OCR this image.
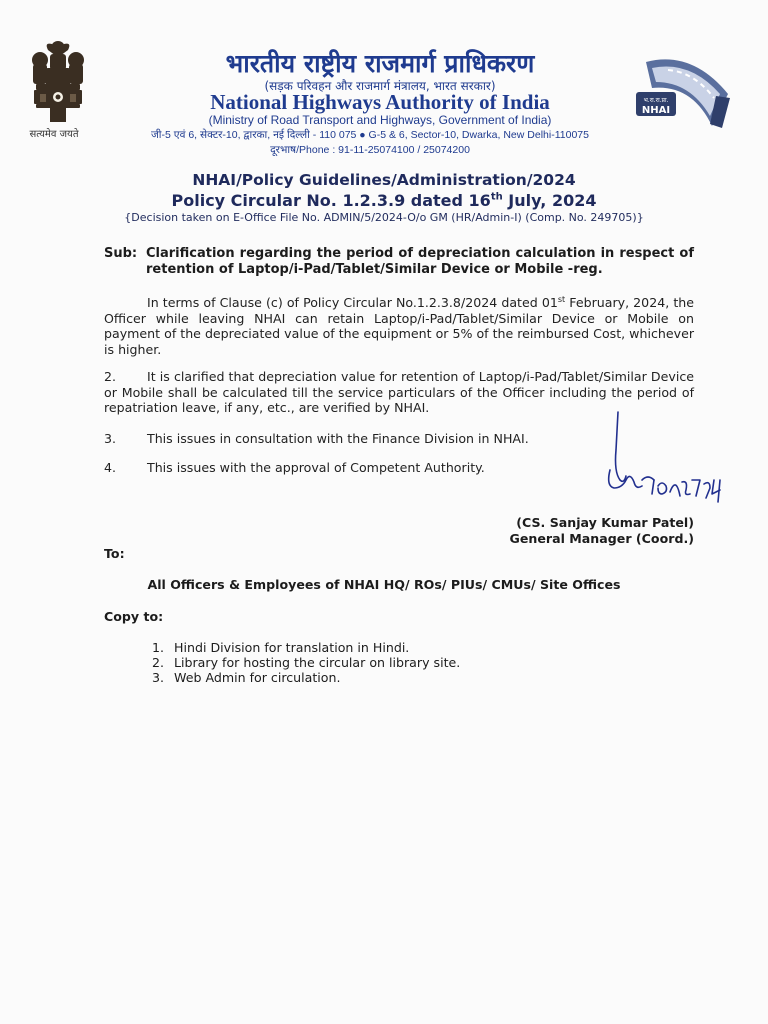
सत्यमेव जयते
भारतीय राष्ट्रीय राजमार्ग प्राधिकरण
(सड़क परिवहन और राजमार्ग मंत्रालय, भारत सरकार)
National Highways Authority of India
(Ministry of Road Transport and Highways, Government of India)
जी-5 एवं 6, सेक्टर-10, द्वारका, नई दिल्ली - 110 075 ● G-5 & 6, Sector-10, Dwarka, New Delhi-110075
दूरभाष/Phone : 91-11-25074100 / 25074200
भ.रा.रा.प्रा.
NHAI
NHAI/Policy Guidelines/Administration/2024
Policy Circular No. 1.2.3.9 dated 16th July, 2024
{Decision taken on E-Office File No. ADMIN/5/2024-O/o GM (HR/Admin-I) (Comp. No. 249705)}
Sub: Clarification regarding the period of depreciation calculation in respect of retention of Laptop/i-Pad/Tablet/Similar Device or Mobile -reg.
In terms of Clause (c) of Policy Circular No.1.2.3.8/2024 dated 01st February, 2024, the Officer while leaving NHAI can retain Laptop/i-Pad/Tablet/Similar Device or Mobile on payment of the depreciated value of the equipment or 5% of the reimbursed Cost, whichever is higher.
2. It is clarified that depreciation value for retention of Laptop/i-Pad/Tablet/Similar Device or Mobile shall be calculated till the service particulars of the Officer including the period of repatriation leave, if any, etc., are verified by NHAI.
3. This issues in consultation with the Finance Division in NHAI.
4. This issues with the approval of Competent Authority.
16/07/24
(CS. Sanjay Kumar Patel)
General Manager (Coord.)
To:
All Officers & Employees of NHAI HQ/ ROs/ PIUs/ CMUs/ Site Offices
Copy to:
1. Hindi Division for translation in Hindi.
2. Library for hosting the circular on library site.
3. Web Admin for circulation.
